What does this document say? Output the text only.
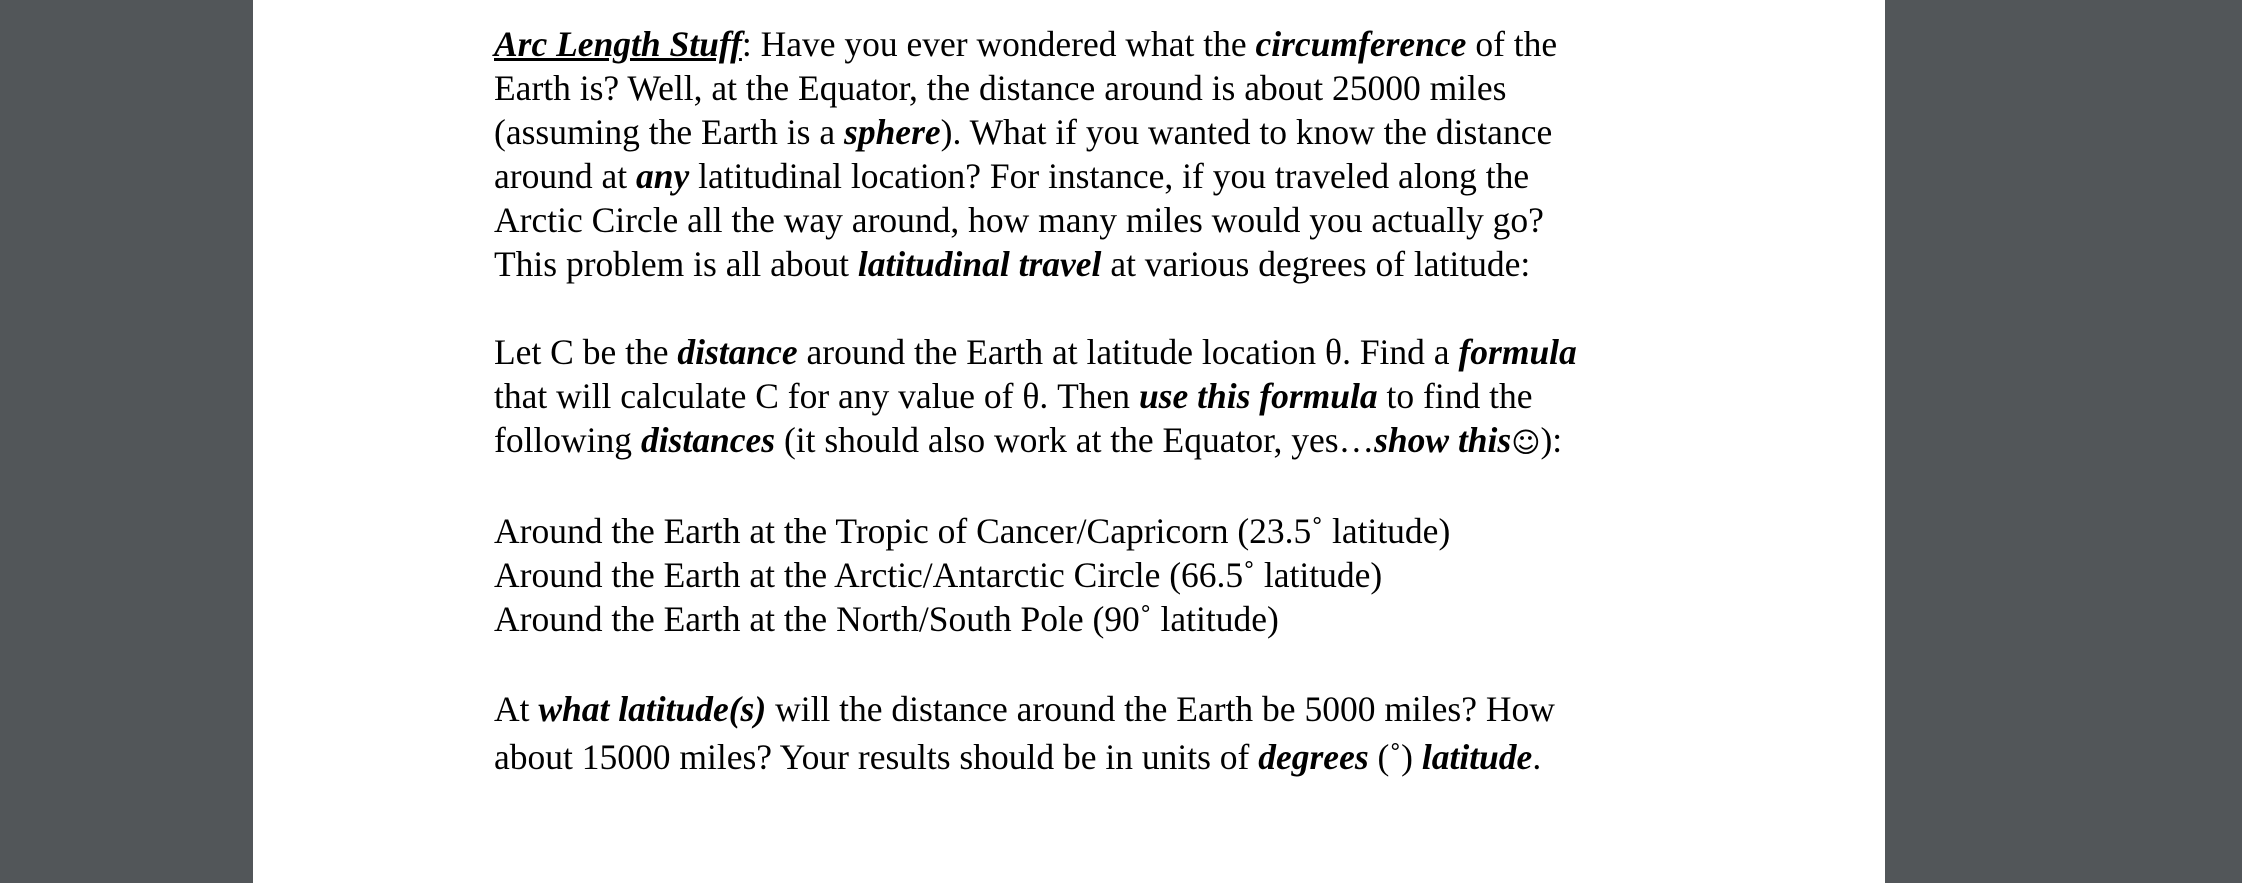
Arc Length Stuff: Have you ever wondered what the circumference of the
Earth is? Well, at the Equator, the distance around is about 25000 miles
(assuming the Earth is a sphere). What if you wanted to know the distance
around at any latitudinal location? For instance, if you traveled along the
Arctic Circle all the way around, how many miles would you actually go?
This problem is all about latitudinal travel at various degrees of latitude:

Let C be the distance around the Earth at latitude location θ. Find a formula
that will calculate C for any value of θ. Then use this formula to find the
following distances (it should also work at the Equator, yes…show this☺):

Around the Earth at the Tropic of Cancer/Capricorn (23.5˚ latitude)
Around the Earth at the Arctic/Antarctic Circle (66.5˚ latitude)
Around the Earth at the North/South Pole (90˚ latitude)

At what latitude(s) will the distance around the Earth be 5000 miles? How
about 15000 miles? Your results should be in units of degrees (˚) latitude.
